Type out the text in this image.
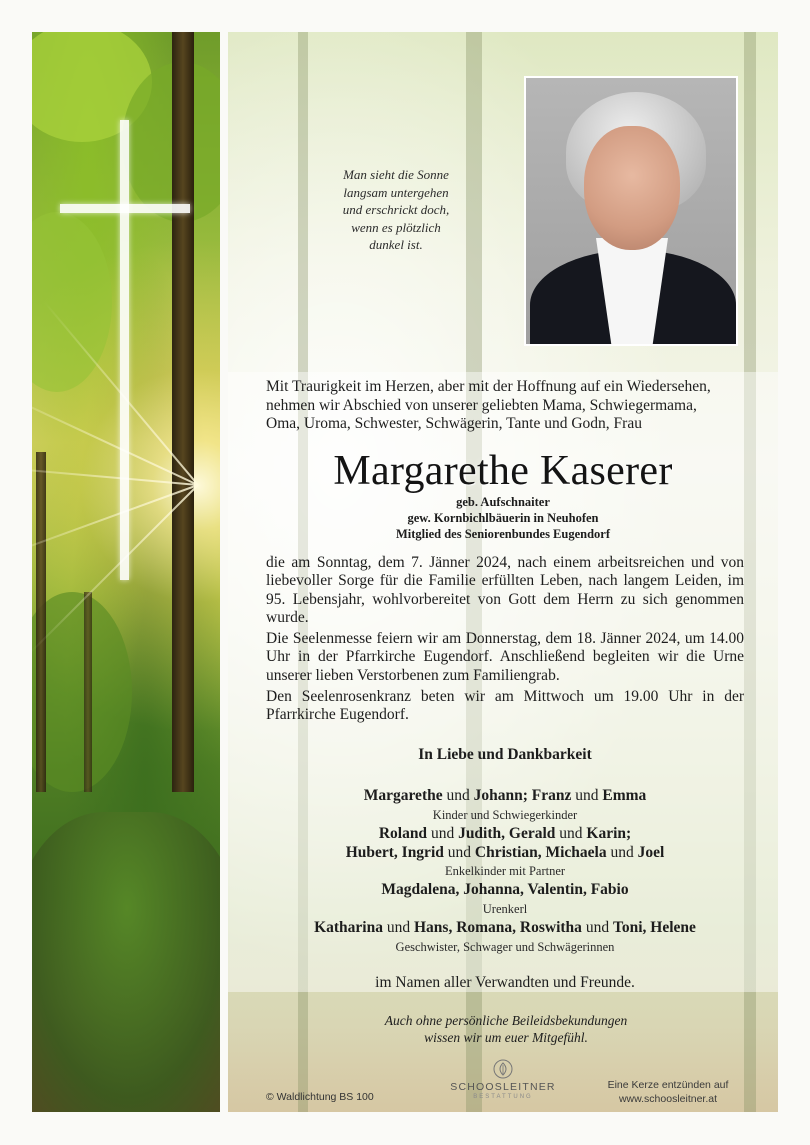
Man sieht die Sonne
langsam untergehen
und erschrickt doch,
wenn es plötzlich
dunkel ist.
Mit Traurigkeit im Herzen, aber mit der Hoffnung auf ein Wiedersehen,
nehmen wir Abschied von unserer geliebten Mama, Schwiegermama,
Oma, Uroma, Schwester, Schwägerin, Tante und Godn, Frau
Margarethe Kaserer
geb. Aufschnaiter
gew. Kornbichlbäuerin in Neuhofen
Mitglied des Seniorenbundes Eugendorf
die am Sonntag, dem 7. Jänner 2024, nach einem arbeitsreichen und von liebevoller Sorge für die Familie erfüllten Leben, nach langem Leiden, im 95. Lebensjahr, wohlvorbereitet von Gott dem Herrn zu sich genommen wurde.
Die Seelenmesse feiern wir am Donnerstag, dem 18. Jänner 2024, um 14.00 Uhr in der Pfarrkirche Eugendorf. Anschließend begleiten wir die Urne unserer lieben Verstorbenen zum Familiengrab.
Den Seelenrosenkranz beten wir am Mittwoch um 19.00 Uhr in der Pfarrkirche Eugendorf.
In Liebe und Dankbarkeit
Margarethe und Johann; Franz und Emma
Kinder und Schwiegerkinder
Roland und Judith, Gerald und Karin;
Hubert, Ingrid und Christian, Michaela und Joel
Enkelkinder mit Partner
Magdalena, Johanna, Valentin, Fabio
Urenkerl
Katharina und Hans, Romana, Roswitha und Toni, Helene
Geschwister, Schwager und Schwägerinnen
im Namen aller Verwandten und Freunde.
Auch ohne persönliche Beileidsbekundungen
wissen wir um euer Mitgefühl.
© Waldlichtung BS 100
SCHOOSLEITNER
BESTATTUNG
Eine Kerze entzünden auf
www.schoosleitner.at
